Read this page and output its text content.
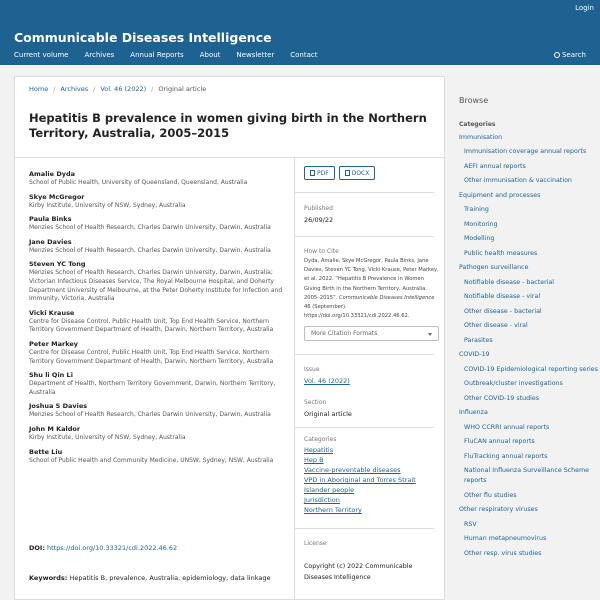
Login
Communicable Diseases Intelligence
Current volume Archives Annual Reports About Newsletter Contact	Search
Home / Archives / Vol. 46 (2022) / Original article
Hepatitis B prevalence in women giving birth in the Northern Territory, Australia, 2005–2015
Amalie Dyda
School of Public Health, University of Queensland, Queensland, Australia
Skye McGregor
Kirby Institute, University of NSW, Sydney, Australia
Paula Binks
Menzies School of Health Research, Charles Darwin University, Darwin, Australia
Jane Davies
Menzies School of Health Research, Charles Darwin University, Darwin, Australia
Steven YC Tong
Menzies School of Health Research, Charles Darwin University, Darwin, Australia; Victorian Infectious Diseases Service, The Royal Melbourne Hospital, and Doherty Department University of Melbourne, at the Peter Doherty Institute for Infection and Immunity, Victoria, Australia
Vicki Krause
Centre for Disease Control, Public Health Unit, Top End Health Service, Northern Territory Government Department of Health, Darwin, Northern Territory, Australia
Peter Markey
Centre for Disease Control, Public Health Unit, Top End Health Service, Northern Territory Government Department of Health, Darwin, Northern Territory, Australia
Shu li Qin Li
Department of Health, Northern Territory Government, Darwin, Northern Territory, Australia
Joshua S Davies
Menzies School of Health Research, Charles Darwin University, Darwin, Australia
John M Kaldor
Kirby Institute, University of NSW, Sydney, Australia
Bette Liu
School of Public Health and Community Medicine, UNSW, Sydney, NSW, Australia
DOI: https://doi.org/10.33321/cdi.2022.46.62
Keywords: Hepatitis B, prevalence, Australia, epidemiology, data linkage
PDF	DOCX
Published
26/09/22
How to Cite
Dyda, Amalie, Skye McGregor, Paula Binks, Jane Davies, Steven YC Tong, Vicki Krause, Peter Markey, et al. 2022. “Hepatitis B Prevalence in Women Giving Birth in the Northern Territory, Australia, 2005–2015”. Communicable Diseases Intelligence 46 (September). https://doi.org/10.33321/cdi.2022.46.62.
More Citation Formats
Issue
Vol. 46 (2022)
Section
Original article
Categories
Hepatitis
Hep B
Vaccine-preventable diseases
VPD in Aboriginal and Torres Strait Islander people
Jurisdiction
Northern Territory
License
Copyright (c) 2022 Communicable Diseases Intelligence
Browse
Categories
Immunisation
Immunisation coverage annual reports
AEFI annual reports
Other immunisation & vaccination
Equipment and processes
Training
Monitoring
Modelling
Public health measures
Pathogen surveillance
Notifiable disease - bacterial
Notifiable disease - viral
Other disease - bacterial
Other disease - viral
Parasites
COVID-19
COVID-19 Epidemiological reporting series
Outbreak/cluster investigations
Other COVID-19 studies
Influenza
WHO CCRRI annual reports
FluCAN annual reports
FluTracking annual reports
National Influenza Surveillance Scheme reports
Other flu studies
Other respiratory viruses
RSV
Human metapneumovirus
Other resp. virus studies
